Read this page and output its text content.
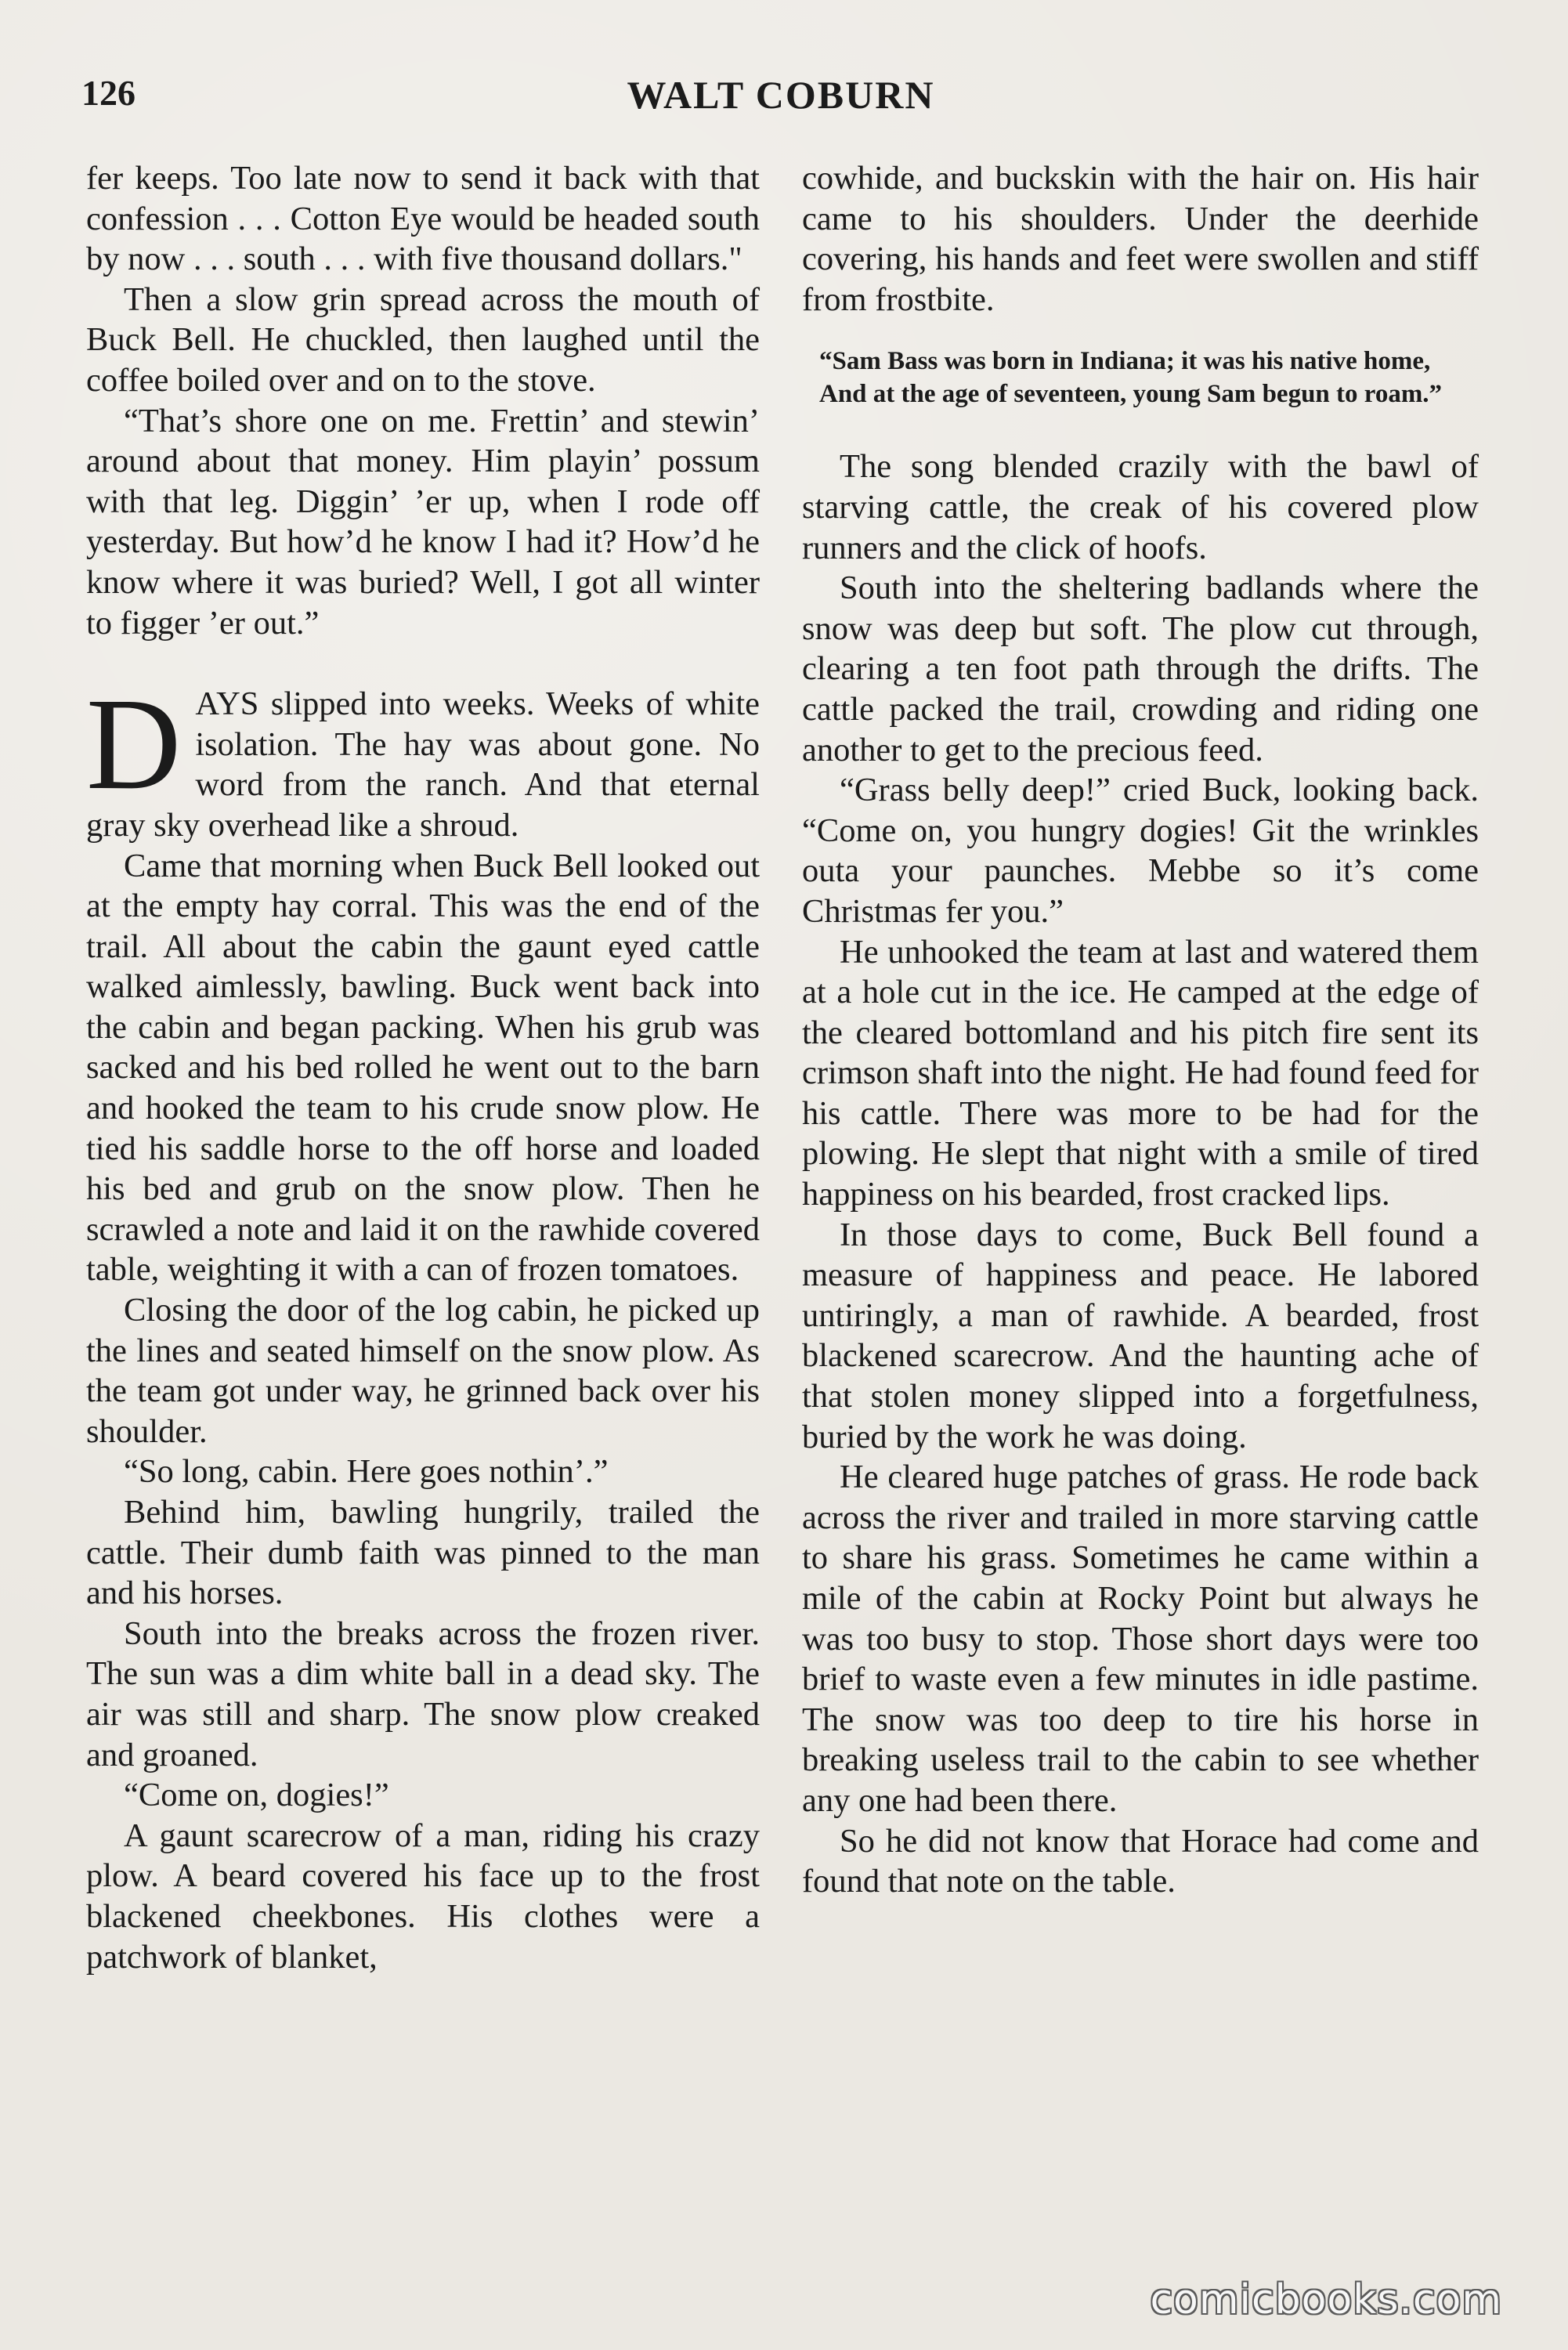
126	WALT COBURN

fer keeps. Too late now to send it back with that confession . . . Cotton Eye would be headed south by now . . . south . . . with five thousand dollars."

Then a slow grin spread across the mouth of Buck Bell. He chuckled, then laughed until the coffee boiled over and on to the stove.

“That’s shore one on me. Frettin’ and stewin’ around about that money. Him playin’ possum with that leg. Diggin’ ’er up, when I rode off yesterday. But how’d he know I had it? How’d he know where it was buried? Well, I got all winter to figger ’er out.”

DAYS slipped into weeks. Weeks of white isolation. The hay was about gone. No word from the ranch. And that eternal gray sky overhead like a shroud.

Came that morning when Buck Bell looked out at the empty hay corral. This was the end of the trail. All about the cabin the gaunt eyed cattle walked aimlessly, bawling. Buck went back into the cabin and began packing. When his grub was sacked and his bed rolled he went out to the barn and hooked the team to his crude snow plow. He tied his saddle horse to the off horse and loaded his bed and grub on the snow plow. Then he scrawled a note and laid it on the rawhide covered table, weighting it with a can of frozen tomatoes.

Closing the door of the log cabin, he picked up the lines and seated himself on the snow plow. As the team got under way, he grinned back over his shoulder.

“So long, cabin. Here goes nothin’.”

Behind him, bawling hungrily, trailed the cattle. Their dumb faith was pinned to the man and his horses.

South into the breaks across the frozen river. The sun was a dim white ball in a dead sky. The air was still and sharp. The snow plow creaked and groaned.

“Come on, dogies!”

A gaunt scarecrow of a man, riding his crazy plow. A beard covered his face up to the frost blackened cheekbones. His clothes were a patchwork of blanket,

cowhide, and buckskin with the hair on. His hair came to his shoulders. Under the deerhide covering, his hands and feet were swollen and stiff from frostbite.

“Sam Bass was born in Indiana; it was his native home,
And at the age of seventeen, young Sam begun to roam.”

The song blended crazily with the bawl of starving cattle, the creak of his covered plow runners and the click of hoofs.

South into the sheltering badlands where the snow was deep but soft. The plow cut through, clearing a ten foot path through the drifts. The cattle packed the trail, crowding and riding one another to get to the precious feed.

“Grass belly deep!” cried Buck, looking back. “Come on, you hungry dogies! Git the wrinkles outa your paunches. Mebbe so it’s come Christmas fer you.”

He unhooked the team at last and watered them at a hole cut in the ice. He camped at the edge of the cleared bottomland and his pitch fire sent its crimson shaft into the night. He had found feed for his cattle. There was more to be had for the plowing. He slept that night with a smile of tired happiness on his bearded, frost cracked lips.

In those days to come, Buck Bell found a measure of happiness and peace. He labored untiringly, a man of rawhide. A bearded, frost blackened scarecrow. And the haunting ache of that stolen money slipped into a forgetfulness, buried by the work he was doing.

He cleared huge patches of grass. He rode back across the river and trailed in more starving cattle to share his grass. Sometimes he came within a mile of the cabin at Rocky Point but always he was too busy to stop. Those short days were too brief to waste even a few minutes in idle pastime. The snow was too deep to tire his horse in breaking useless trail to the cabin to see whether any one had been there.

So he did not know that Horace had come and found that note on the table.

comicbooks.com
